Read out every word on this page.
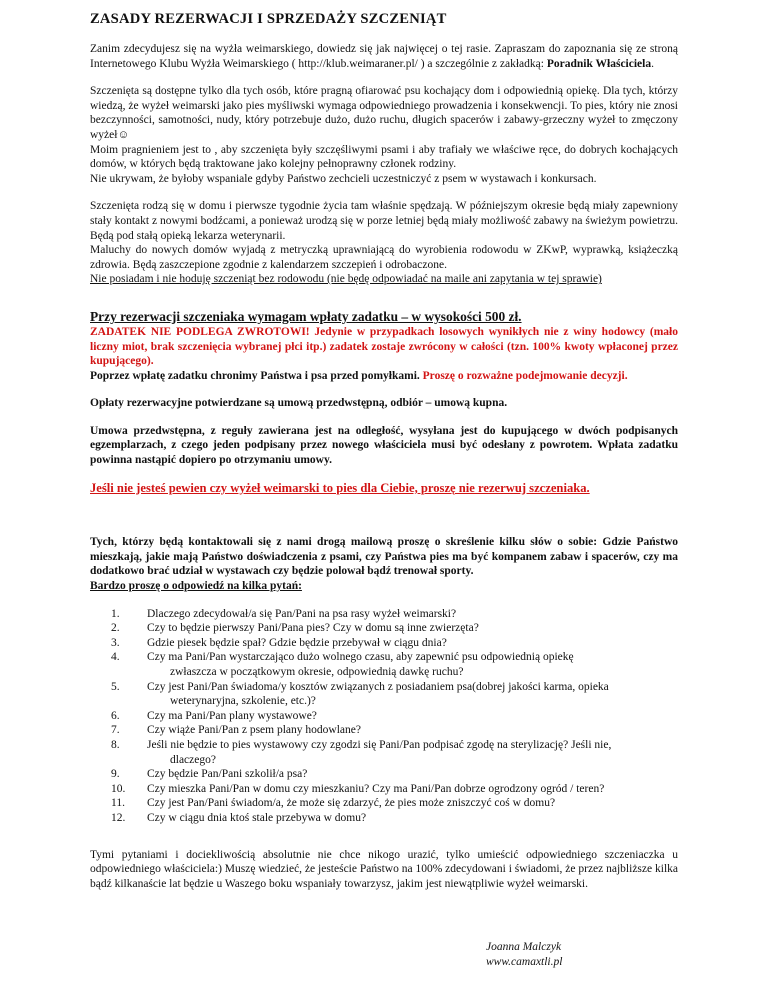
ZASADY REZERWACJI I SPRZEDAŻY SZCZENIĄT

Zanim zdecydujesz się na wyżła weimarskiego, dowiedz się jak najwięcej o tej rasie. Zapraszam do zapoznania się ze stroną Internetowego Klubu Wyżła Weimarskiego ( http://klub.weimaraner.pl/ ) a szczególnie z zakładką: Poradnik Właściciela.

Szczenięta są dostępne tylko dla tych osób, które pragną ofiarować psu kochający dom i odpowiednią opiekę. Dla tych, którzy wiedzą, że wyżeł weimarski jako pies myśliwski wymaga odpowiedniego prowadzenia i konsekwencji. To pies, który nie znosi bezczynności, samotności, nudy, który potrzebuje dużo, dużo ruchu, długich spacerów i zabawy-grzeczny wyżeł to zmęczony wyżeł☺

Moim pragnieniem jest to , aby szczenięta były szczęśliwymi psami i aby trafiały we właściwe ręce, do dobrych kochających domów, w których będą traktowane jako kolejny pełnoprawny członek rodziny.

Nie ukrywam, że byłoby wspaniale gdyby Państwo zechcieli uczestniczyć z psem w wystawach i konkursach.

Szczenięta rodzą się w domu i pierwsze tygodnie życia tam właśnie spędzają. W późniejszym okresie będą miały zapewniony stały kontakt z nowymi bodźcami, a ponieważ urodzą się w porze letniej będą miały możliwość zabawy na świeżym powietrzu. Będą pod stałą opieką lekarza weterynarii.

Maluchy do nowych domów wyjadą z metryczką uprawniającą do wyrobienia rodowodu w ZKwP, wyprawką, książeczką zdrowia. Będą zaszczepione zgodnie z kalendarzem szczepień i odrobaczone.

Nie posiadam i nie hoduję szczeniąt bez rodowodu (nie będę odpowiadać na maile ani zapytania w tej sprawie)

Przy rezerwacji szczeniaka wymagam wpłaty zadatku – w wysokości 500 zł.

ZADATEK NIE PODLEGA ZWROTOWI! Jedynie w przypadkach losowych wynikłych nie z winy hodowcy (mało liczny miot, brak szczenięcia wybranej płci itp.) zadatek zostaje zwrócony w całości (tzn. 100% kwoty wpłaconej przez kupującego).

Poprzez wpłatę zadatku chronimy Państwa i psa przed pomyłkami. Proszę o rozważne podejmowanie decyzji.

Opłaty rezerwacyjne potwierdzane są umową przedwstępną, odbiór – umową kupna.

Umowa przedwstępna, z reguły zawierana jest na odległość, wysyłana jest do kupującego w dwóch podpisanych egzemplarzach, z czego jeden podpisany przez nowego właściciela musi być odesłany z powrotem. Wpłata zadatku powinna nastąpić dopiero po otrzymaniu umowy.

Jeśli nie jesteś pewien czy wyżeł weimarski to pies dla Ciebie, proszę nie rezerwuj szczeniaka.

Tych, którzy będą kontaktowali się z nami drogą mailową proszę o skreślenie kilku słów o sobie: Gdzie Państwo mieszkają, jakie mają Państwo doświadczenia z psami, czy Państwa pies ma być kompanem zabaw i spacerów, czy ma dodatkowo brać udział w wystawach czy będzie polował bądź trenował sporty.
Bardzo proszę o odpowiedź na kilka pytań:

1.	Dlaczego zdecydował/a się Pan/Pani na psa rasy wyżeł weimarski?
2.	Czy to będzie pierwszy Pani/Pana pies? Czy w domu są inne zwierzęta?
3.	Gdzie piesek będzie spał? Gdzie będzie przebywał w ciągu dnia?
4.	Czy ma Pani/Pan wystarczająco dużo wolnego czasu, aby zapewnić psu odpowiednią opiekę
zwłaszcza w początkowym okresie, odpowiednią dawkę ruchu?
5.	Czy jest Pani/Pan świadoma/y kosztów związanych z posiadaniem psa(dobrej jakości karma, opieka
weterynaryjna, szkolenie, etc.)?
6.	Czy ma Pani/Pan plany wystawowe?
7.	Czy wiąże Pani/Pan z psem plany hodowlane?
8.	Jeśli nie będzie to pies wystawowy czy zgodzi się Pani/Pan podpisać zgodę na sterylizację? Jeśli nie,
dlaczego?
9.	Czy będzie Pan/Pani szkolił/a psa?
10.	Czy mieszka Pani/Pan w domu czy mieszkaniu? Czy ma Pani/Pan dobrze ogrodzony ogród / teren?
11.	Czy jest Pan/Pani świadom/a, że może się zdarzyć, że pies może zniszczyć coś w domu?
12.	Czy w ciągu dnia ktoś stale przebywa w domu?

Tymi pytaniami i dociekliwością absolutnie nie chce nikogo urazić, tylko umieścić odpowiedniego szczeniaczka u odpowiedniego właściciela:) Muszę wiedzieć, że jesteście Państwo na 100% zdecydowani i świadomi, że przez najbliższe kilka bądź kilkanaście lat będzie u Waszego boku wspaniały towarzysz, jakim jest niewątpliwie wyżeł weimarski.

Joanna Malczyk
www.camaxtli.pl
